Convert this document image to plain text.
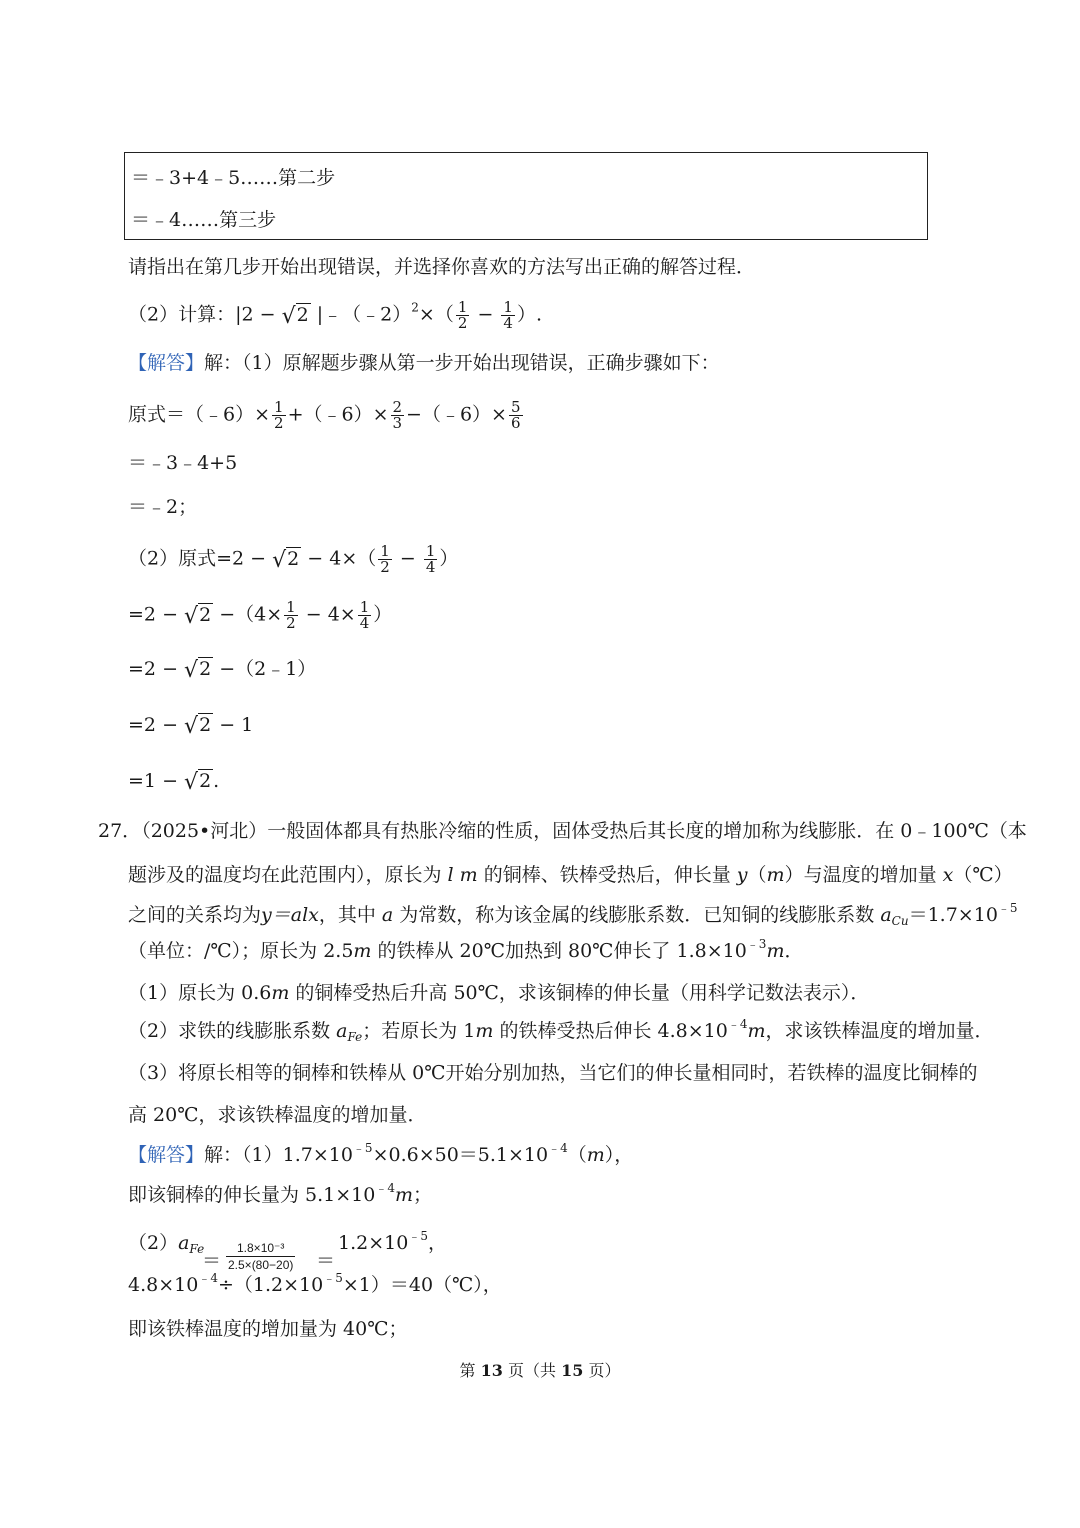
＝﹣3+4﹣5……第二步
＝﹣4……第三步
请指出在第几步开始出现错误，并选择你喜欢的方法写出正确的解答过程．
（2）计算：|2 − √2 |﹣（﹣2）$^2$×（ $\frac{1}{2} - \frac{1}{4}$ ）.
【解答】解：（1）原解题步骤从第一步开始出现错误，正确步骤如下：
原式＝（﹣6）× $\frac{1}{2}$ +（﹣6）× $\frac{2}{3}$ −（﹣6）× $\frac{5}{6}$
＝﹣3﹣4+5
＝﹣2；
（2）原式$=2 - √2 - 4\times( \frac{1}{2} - \frac{1}{4}$ ）
$=2 - √2 -(4\times \frac{1}{2} - 4\times \frac{1}{4}$ ）
=2 − √2 −（2﹣1）
=2 − √2 − 1
=1 − √2 .
27．（2025•河北）一般固体都具有热胀冷缩的性质，固体受热后其长度的增加称为线膨胀．在 0﹣100℃（本
题涉及的温度均在此范围内），原长为 l m 的铜棒、铁棒受热后，伸长量 y（m）与温度的增加量 x（℃）
之间的关系均为y＝alx，其中 a 为常数，称为该金属的线膨胀系数．已知铜的线膨胀系数 $a_{Cu}=1.7\times 10^{﹣5}$
（单位：/℃）；原长为 2.5m 的铁棒从 20℃加热到 80℃伸长了 $1.8\times 10^{﹣3}m$．
（1）原长为 0.6m 的铜棒受热后升高 50℃，求该铜棒的伸长量（用科学记数法表示）．
（2）求铁的线膨胀系数 $a_{Fe}$；若原长为 1m 的铁棒受热后伸长 $4.8\times 10^{﹣4}m$，求该铁棒温度的增加量．
（3）将原长相等的铜棒和铁棒从 0℃开始分别加热，当它们的伸长量相同时，若铁棒的温度比铜棒的
高 20℃，求该铁棒温度的增加量．
【解答】解：$(1)1.7\times 10^{﹣5}\times 0.6\times 50=5.1\times 10^{﹣4}(m)$，
即该铜棒的伸长量为 $5.1\times 10^{﹣4}m$；
$(2)a_{Fe}$
＝ $\frac{\text{1.8×10⁻³}}{2.5\times(80-20)}$ ＝
$1.2\times 10^{﹣5}$，
$4.8\times 10^{﹣4}\div(1.2\times 10^{﹣5}\times 1)=40(℃)$，
即该铁棒温度的增加量为 40℃；
第 13 页（共 15 页）
